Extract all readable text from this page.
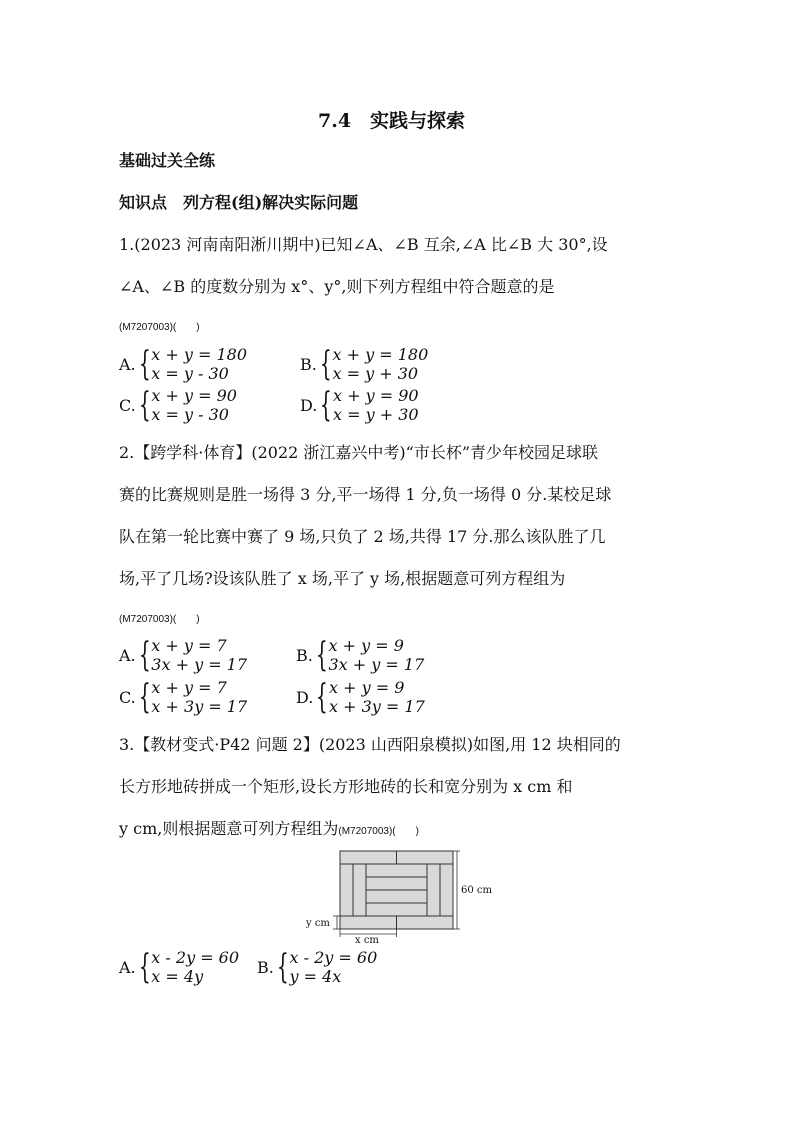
7.4　实践与探索
基础过关全练
知识点　列方程(组)解决实际问题
1.(2023 河南南阳淅川期中)已知∠A、∠B 互余,∠A 比∠B 大 30°,设
∠A、∠B 的度数分别为 x°、y°,则下列方程组中符合题意的是
(M7207003)(　　)
A. { x + y = 180
x = y - 30	B. { x + y = 180
x = y + 30
C. { x + y = 90
x = y - 30	D. { x + y = 90
x = y + 30
2.【跨学科·体育】(2022 浙江嘉兴中考)“市长杯”青少年校园足球联
赛的比赛规则是胜一场得 3 分,平一场得 1 分,负一场得 0 分.某校足球
队在第一轮比赛中赛了 9 场,只负了 2 场,共得 17 分.那么该队胜了几
场,平了几场?设该队胜了 x 场,平了 y 场,根据题意可列方程组为
(M7207003)(　　)
A. { x + y = 7
3x + y = 17	B. { x + y = 9
3x + y = 17
C. { x + y = 7
x + 3y = 17	D. { x + y = 9
x + 3y = 17
3.【教材变式·P42 问题 2】(2023 山西阳泉模拟)如图,用 12 块相同的
长方形地砖拼成一个矩形,设长方形地砖的长和宽分别为 x cm 和
y cm,则根据题意可列方程组为(M7207003)(　　)
60 cm
y cm
x cm
A. { x - 2y = 60
x = 4y	B. { x - 2y = 60
y = 4x
